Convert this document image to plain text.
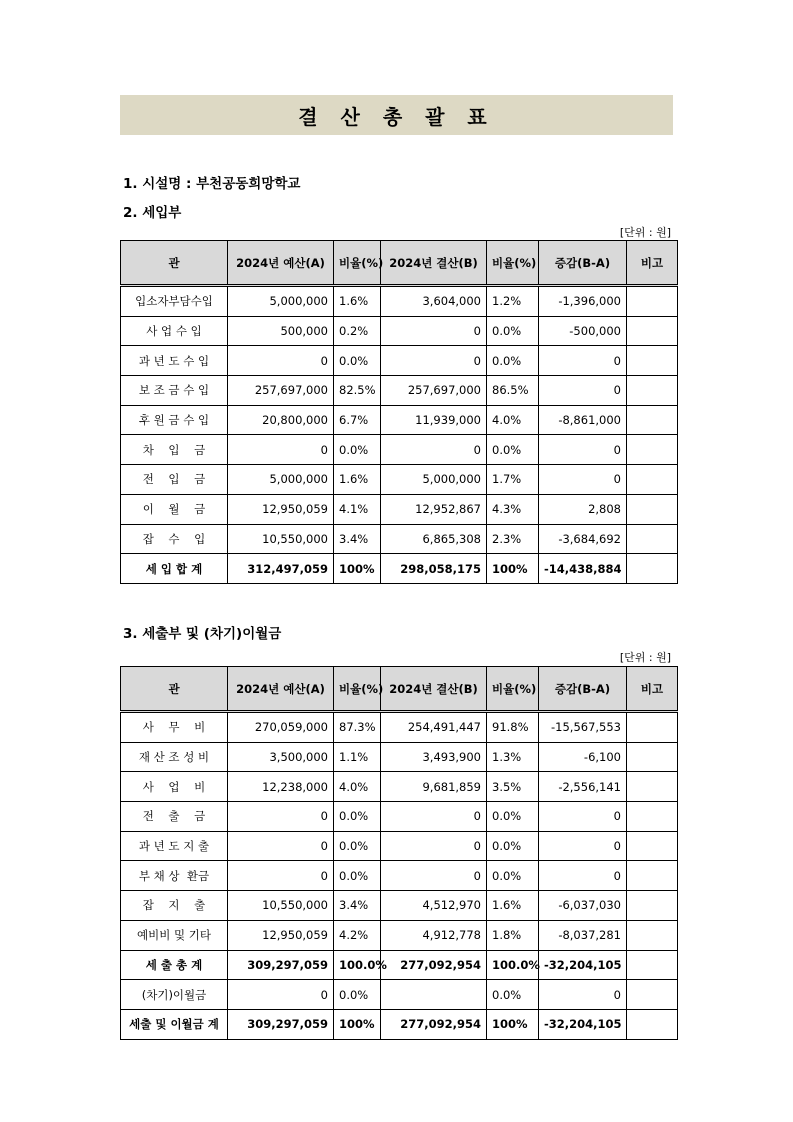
결 산 총 괄 표
1. 시설명 : 부천공동희망학교
2. 세입부
[단위 : 원]
관	2024년 예산(A)	비율(%)	2024년 결산(B)	비율(%)	증감(B-A)	비고
입소자부담수입	5,000,000	1.6%	3,604,000	1.2%	-1,396,000	
사 업 수 입	500,000	0.2%	0	0.0%	-500,000	
과 년 도 수 입	0	0.0%	0	0.0%	0	
보 조 금 수 입	257,697,000	82.5%	257,697,000	86.5%	0	
후 원 금 수 입	20,800,000	6.7%	11,939,000	4.0%	-8,861,000	
차    입    금	0	0.0%	0	0.0%	0	
전    입    금	5,000,000	1.6%	5,000,000	1.7%	0	
이    월    금	12,950,059	4.1%	12,952,867	4.3%	2,808	
잡    수    입	10,550,000	3.4%	6,865,308	2.3%	-3,684,692	
세 입 합 계	312,497,059	100%	298,058,175	100%	-14,438,884	
3. 세출부 및 (차기)이월금
[단위 : 원]
관	2024년 예산(A)	비율(%)	2024년 결산(B)	비율(%)	증감(B-A)	비고
사    무    비	270,059,000	87.3%	254,491,447	91.8%	-15,567,553	
재 산 조 성 비	3,500,000	1.1%	3,493,900	1.3%	-6,100	
사    업    비	12,238,000	4.0%	9,681,859	3.5%	-2,556,141	
전    출    금	0	0.0%	0	0.0%	0	
과 년 도 지 출	0	0.0%	0	0.0%	0	
부 채 상  환금	0	0.0%	0	0.0%	0	
잡    지    출	10,550,000	3.4%	4,512,970	1.6%	-6,037,030	
예비비 및 기타	12,950,059	4.2%	4,912,778	1.8%	-8,037,281	
세 출 총 계	309,297,059	100.0%	277,092,954	100.0%	-32,204,105	
(차기)이월금	0	0.0%		0.0%	0	
세출 및 이월금 계	309,297,059	100%	277,092,954	100%	-32,204,105	
